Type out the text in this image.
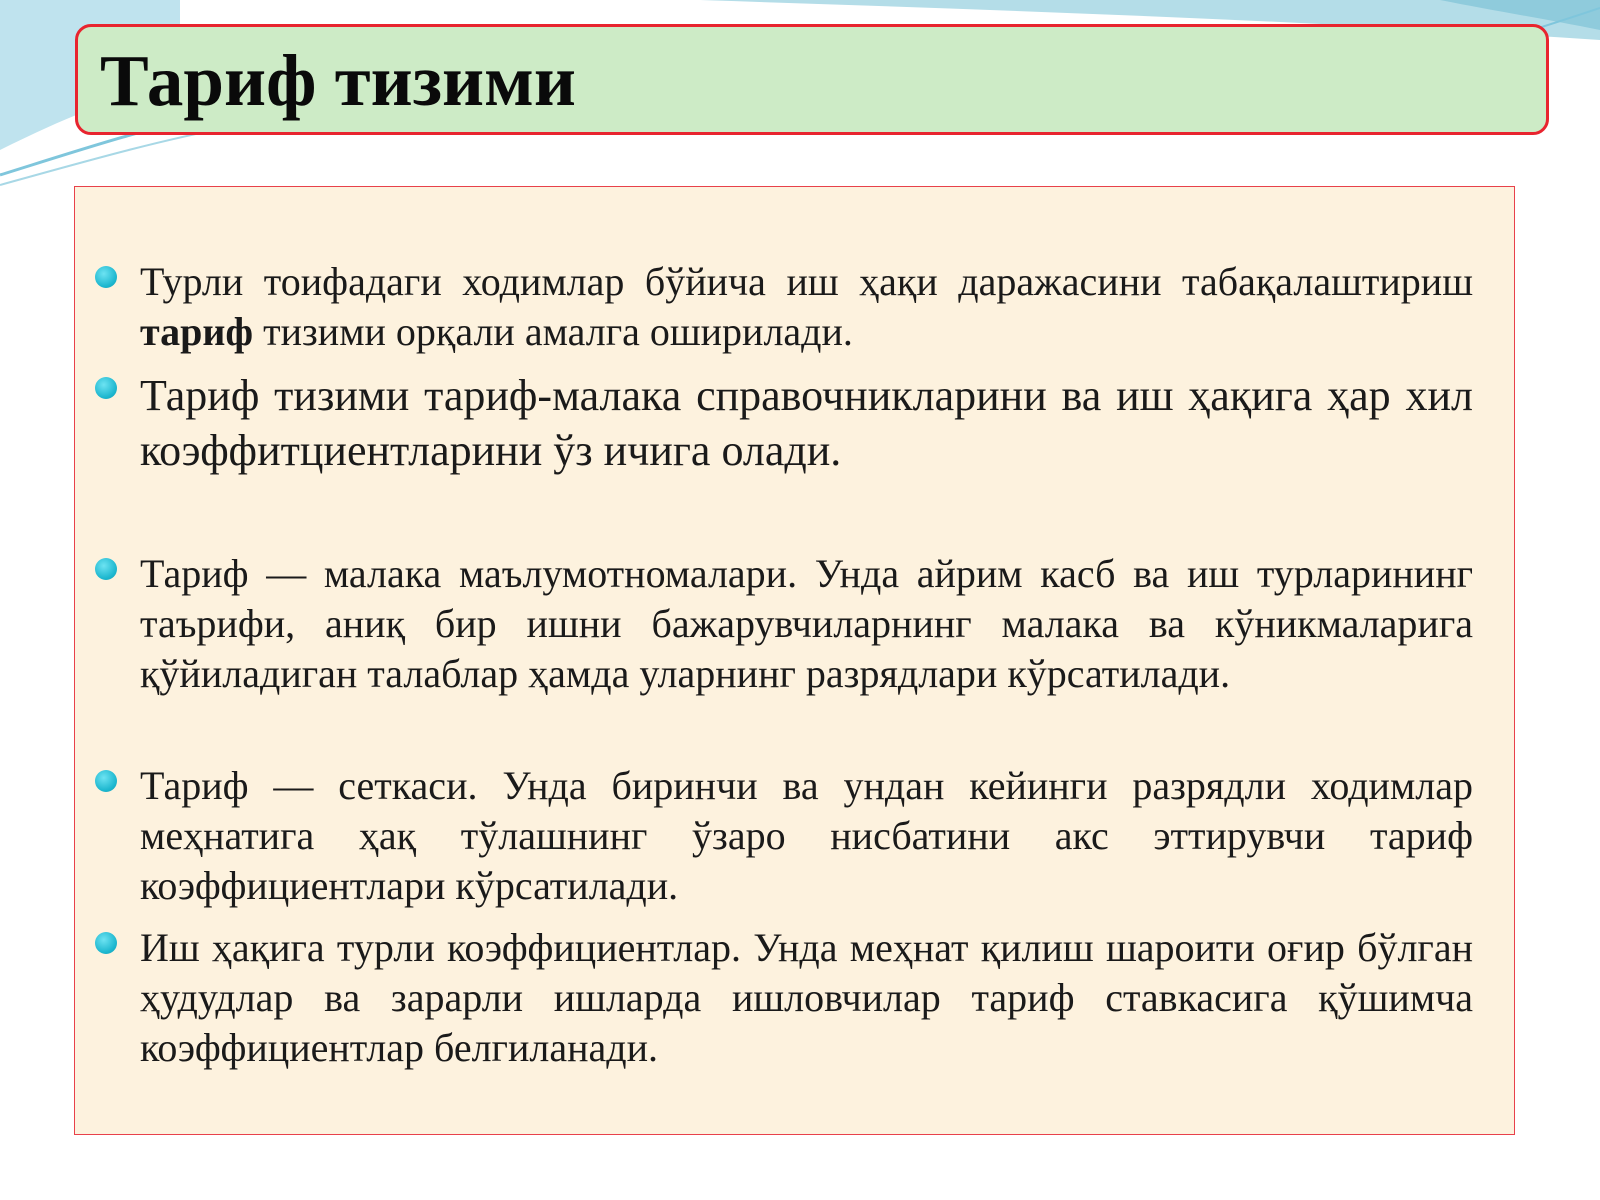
Тариф тизими
Турли тоифадаги ходимлар бўйича иш ҳақи даражасини табақалаштириш тариф тизими орқали амалга оширилади.
Тариф тизими тариф-малака справочникларини ва иш ҳақига ҳар хил коэффитциентларини ўз ичига олади.
Тариф — малака маълумотномалари. Унда айрим касб ва иш турларининг таърифи, аниқ бир ишни бажарувчиларнинг малака ва кўникмаларига қўйиладиган талаблар ҳамда уларнинг разрядлари кўрсатилади.
Тариф — сеткаси. Унда биринчи ва ундан кейинги разрядли ходимлар меҳнатига ҳақ тўлашнинг ўзаро нисбатини акс эттирувчи тариф коэффициентлари кўрсатилади.
Иш ҳақига турли коэффициентлар. Унда меҳнат қилиш шароити оғир бўлган ҳудудлар ва зарарли ишларда ишловчилар тариф ставкасига қўшимча коэффициентлар белгиланади.
